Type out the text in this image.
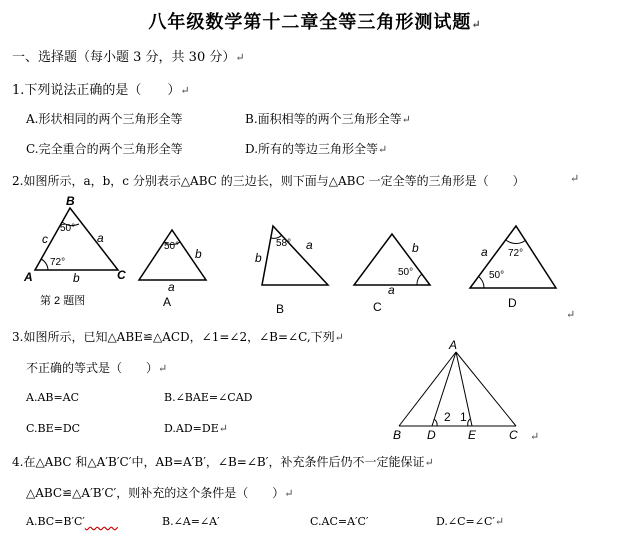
八年级数学第十二章全等三角形测试题↵
一、选择题（每小题 3 分，共 30 分）↵
1.下列说法正确的是（　　）↵
A.形状相同的两个三角形全等	B.面积相等的两个三角形全等↵
C.完全重合的两个三角形全等	D.所有的等边三角形全等↵
2.如图所示，a，b，c 分别表示△ABC 的三边长，则下面与△ABC 一定全等的三角形是（　　）
B
A	C
c	a
b
50°
72°
第 2 题图
50°
b
a
A
58°
b
a
B
50°
b
a
C
72°
50°
a
D
↵
↵
3.如图所示，已知△ABE≌△ACD，∠1=∠2，∠B=∠C,下列↵
不正确的等式是（　　）↵
A.AB=AC	B.∠BAE=∠CAD
C.BE=DC	D.AD=DE↵
A
B D	E	C
2 1
↵
4.在△ABC 和△A′B′C′中，AB=A′B′，∠B=∠B′，补充条件后仍不一定能保证↵
△ABC≌△A′B′C′，则补充的这个条件是（　　）↵
A.BC=B′C′   	B.∠A=∠A′	C.AC=A′C′	D.∠C=∠C′↵
